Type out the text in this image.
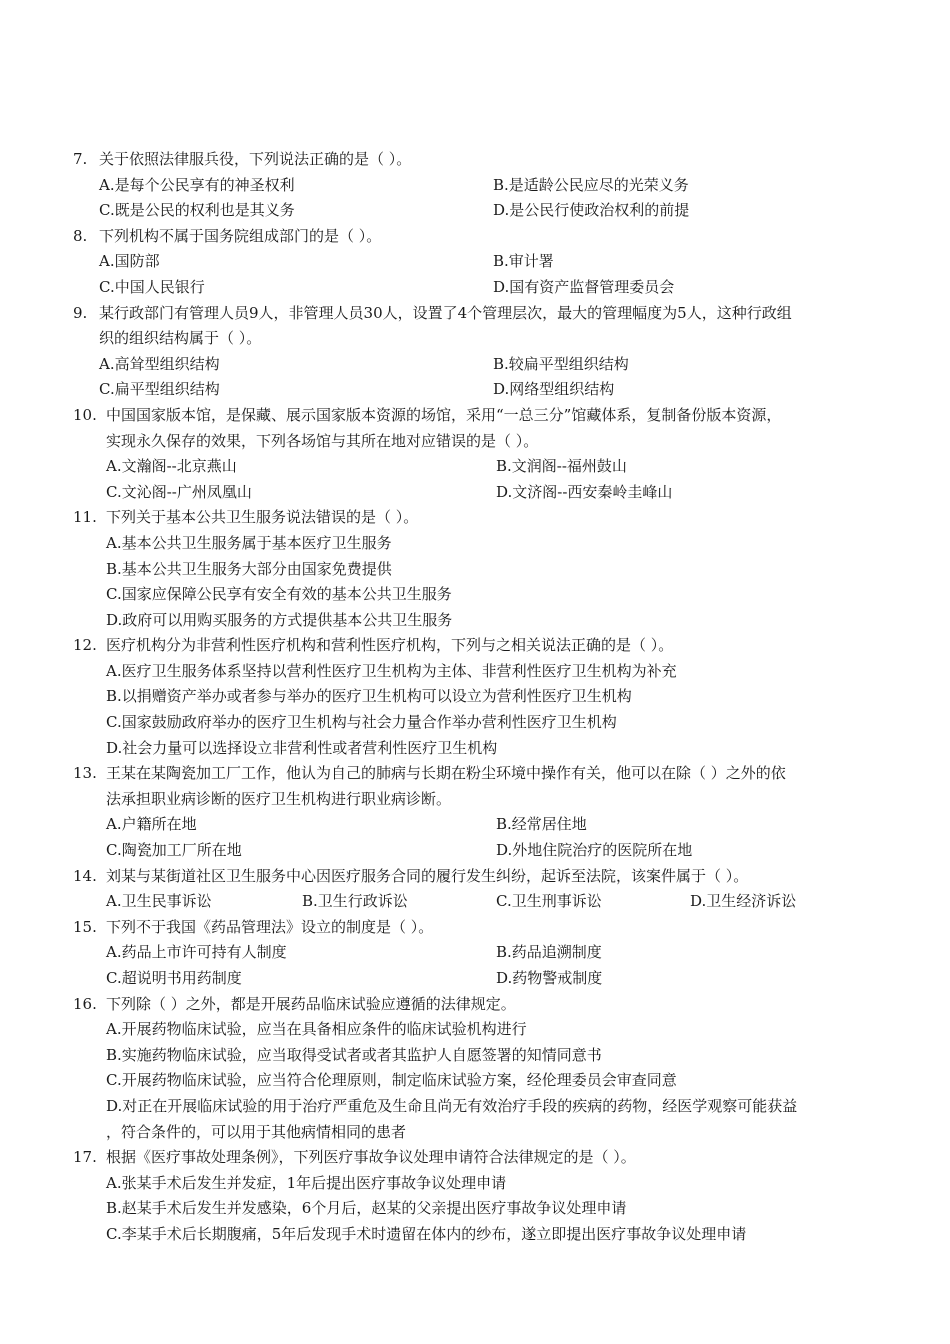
7. 关于依照法律服兵役，下列说法正确的是（ ）。
A.是每个公民享有的神圣权利	B.是适龄公民应尽的光荣义务
C.既是公民的权利也是其义务	D.是公民行使政治权利的前提
8. 下列机构不属于国务院组成部门的是（ ）。
A.国防部	B.审计署
C.中国人民银行	D.国有资产监督管理委员会
9. 某行政部门有管理人员9人，非管理人员30人，设置了4个管理层次，最大的管理幅度为5人，这种行政组
织的组织结构属于（ ）。
A.高耸型组织结构	B.较扁平型组织结构
C.扁平型组织结构	D.网络型组织结构
10. 中国国家版本馆，是保藏、展示国家版本资源的场馆，采用“一总三分”馆藏体系，复制备份版本资源，
实现永久保存的效果，下列各场馆与其所在地对应错误的是（ ）。
A.文瀚阁--北京燕山	B.文润阁--福州鼓山
C.文沁阁--广州凤凰山	D.文济阁--西安秦岭圭峰山
11. 下列关于基本公共卫生服务说法错误的是（ ）。
A.基本公共卫生服务属于基本医疗卫生服务
B.基本公共卫生服务大部分由国家免费提供
C.国家应保障公民享有安全有效的基本公共卫生服务
D.政府可以用购买服务的方式提供基本公共卫生服务
12. 医疗机构分为非营利性医疗机构和营利性医疗机构，下列与之相关说法正确的是（ ）。
A.医疗卫生服务体系坚持以营利性医疗卫生机构为主体、非营利性医疗卫生机构为补充
B.以捐赠资产举办或者参与举办的医疗卫生机构可以设立为营利性医疗卫生机构
C.国家鼓励政府举办的医疗卫生机构与社会力量合作举办营利性医疗卫生机构
D.社会力量可以选择设立非营利性或者营利性医疗卫生机构
13. 王某在某陶瓷加工厂工作，他认为自己的肺病与长期在粉尘环境中操作有关，他可以在除（ ）之外的依
法承担职业病诊断的医疗卫生机构进行职业病诊断。
A.户籍所在地	B.经常居住地
C.陶瓷加工厂所在地	D.外地住院治疗的医院所在地
14. 刘某与某街道社区卫生服务中心因医疗服务合同的履行发生纠纷，起诉至法院，该案件属于（ ）。
A.卫生民事诉讼	B.卫生行政诉讼	C.卫生刑事诉讼	D.卫生经济诉讼
15. 下列不于我国《药品管理法》设立的制度是（ ）。
A.药品上市许可持有人制度	B.药品追溯制度
C.超说明书用药制度	D.药物警戒制度
16. 下列除（ ）之外，都是开展药品临床试验应遵循的法律规定。
A.开展药物临床试验，应当在具备相应条件的临床试验机构进行
B.实施药物临床试验，应当取得受试者或者其监护人自愿签署的知情同意书
C.开展药物临床试验，应当符合伦理原则，制定临床试验方案，经伦理委员会审查同意
D.对正在开展临床试验的用于治疗严重危及生命且尚无有效治疗手段的疾病的药物，经医学观察可能获益
，符合条件的，可以用于其他病情相同的患者
17. 根据《医疗事故处理条例》，下列医疗事故争议处理申请符合法律规定的是（ ）。
A.张某手术后发生并发症，1年后提出医疗事故争议处理申请
B.赵某手术后发生并发感染，6个月后，赵某的父亲提出医疗事故争议处理申请
C.李某手术后长期腹痛，5年后发现手术时遗留在体内的纱布，遂立即提出医疗事故争议处理申请
